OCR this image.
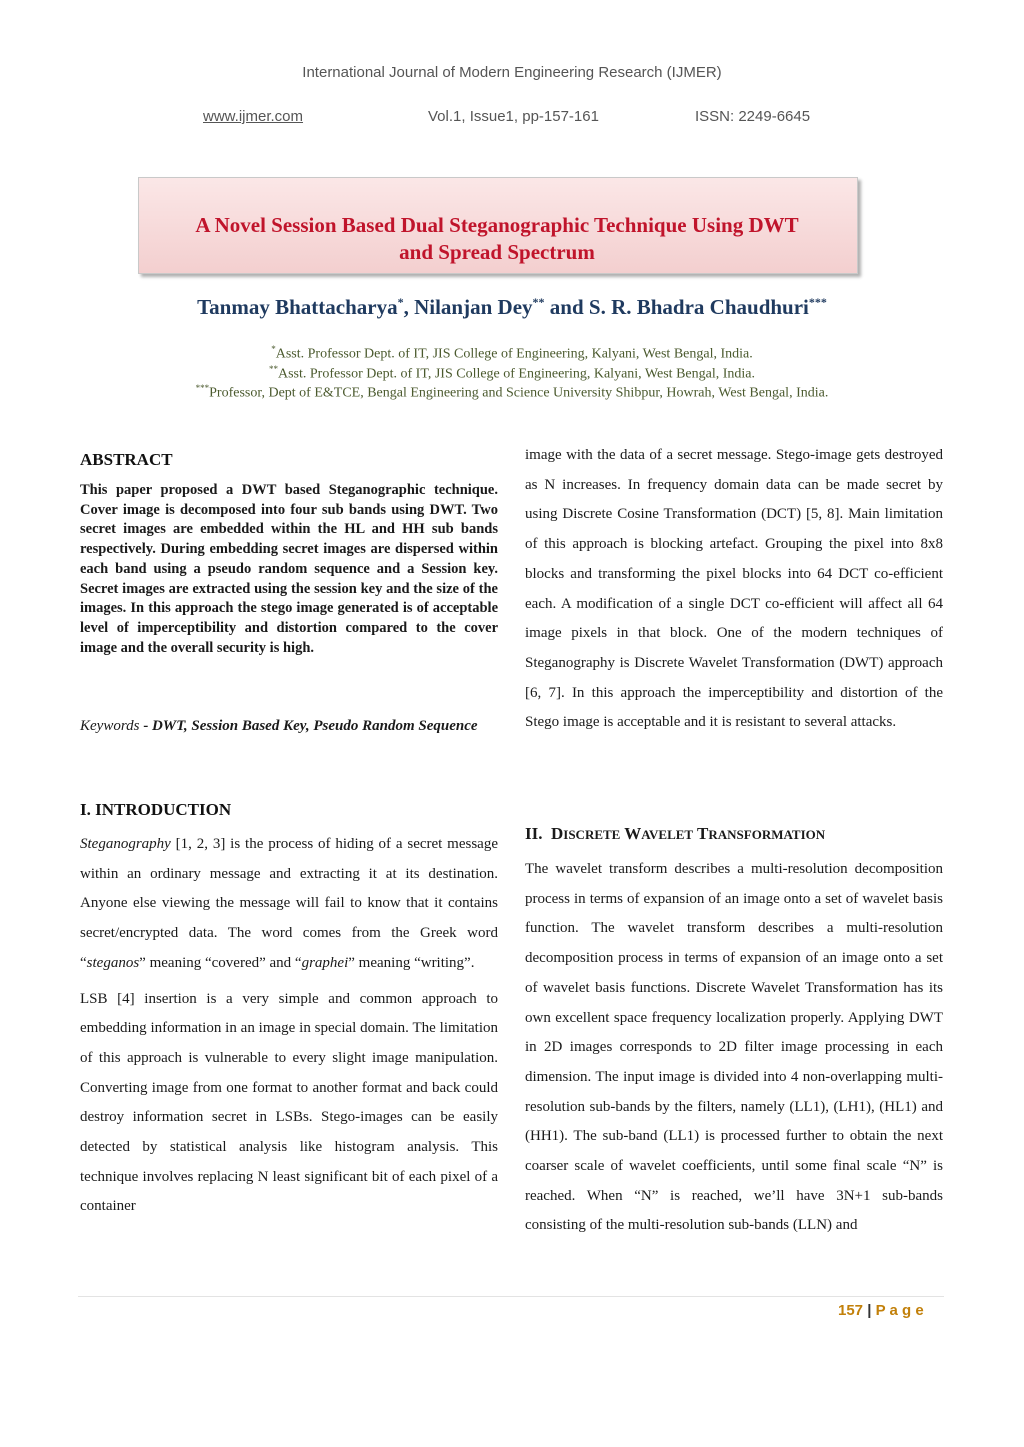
International Journal of Modern Engineering Research (IJMER)
www.ijmer.com	Vol.1, Issue1, pp-157-161	ISSN: 2249-6645
A Novel Session Based Dual Steganographic Technique Using DWT
and Spread Spectrum
Tanmay Bhattacharya*, Nilanjan Dey** and S. R. Bhadra Chaudhuri***
*Asst. Professor Dept. of IT, JIS College of Engineering, Kalyani, West Bengal, India.
**Asst. Professor Dept. of IT, JIS College of Engineering, Kalyani, West Bengal, India.
***Professor, Dept of E&TCE, Bengal Engineering and Science University Shibpur, Howrah, West Bengal, India.
ABSTRACT
This paper proposed a DWT based Steganographic technique. Cover image is decomposed into four sub bands using DWT. Two secret images are embedded within the HL and HH sub bands respectively. During embedding secret images are dispersed within each band using a pseudo random sequence and a Session key. Secret images are extracted using the session key and the size of the images. In this approach the stego image generated is of acceptable level of imperceptibility and distortion compared to the cover image and the overall security is high.
Keywords - DWT, Session Based Key, Pseudo Random Sequence
I. INTRODUCTION

Steganography [1, 2, 3] is the process of hiding of a secret message within an ordinary message and extracting it at its destination. Anyone else viewing the message will fail to know that it contains secret/encrypted data. The word comes from the Greek word “steganos” meaning “covered” and “graphei” meaning “writing”.

LSB [4] insertion is a very simple and common approach to embedding information in an image in special domain. The limitation of this approach is vulnerable to every slight image manipulation. Converting image from one format to another format and back could destroy information secret in LSBs. Stego-images can be easily detected by statistical analysis like histogram analysis. This technique involves replacing N least significant bit of each pixel of a container

image with the data of a secret message. Stego-image gets destroyed as N increases. In frequency domain data can be made secret by using Discrete Cosine Transformation (DCT) [5, 8]. Main limitation of this approach is blocking artefact. Grouping the pixel into 8x8 blocks and transforming the pixel blocks into 64 DCT co-efficient each. A modification of a single DCT co-efficient will affect all 64 image pixels in that block. One of the modern techniques of Steganography is Discrete Wavelet Transformation (DWT) approach [6, 7]. In this approach the imperceptibility and distortion of the Stego image is acceptable and it is resistant to several attacks.
II. DISCRETE WAVELET TRANSFORMATION
The wavelet transform describes a multi-resolution decomposition process in terms of expansion of an image onto a set of wavelet basis function. The wavelet transform describes a multi-resolution decomposition process in terms of expansion of an image onto a set of wavelet basis functions. Discrete Wavelet Transformation has its own excellent space frequency localization properly. Applying DWT in 2D images corresponds to 2D filter image processing in each dimension. The input image is divided into 4 non-overlapping multi-resolution sub-bands by the filters, namely (LL1), (LH1), (HL1) and (HH1). The sub-band (LL1) is processed further to obtain the next coarser scale of wavelet coefficients, until some final scale “N” is reached. When “N” is reached, we’ll have 3N+1 sub-bands consisting of the multi-resolution sub-bands (LLN) and
157 | P a g e
